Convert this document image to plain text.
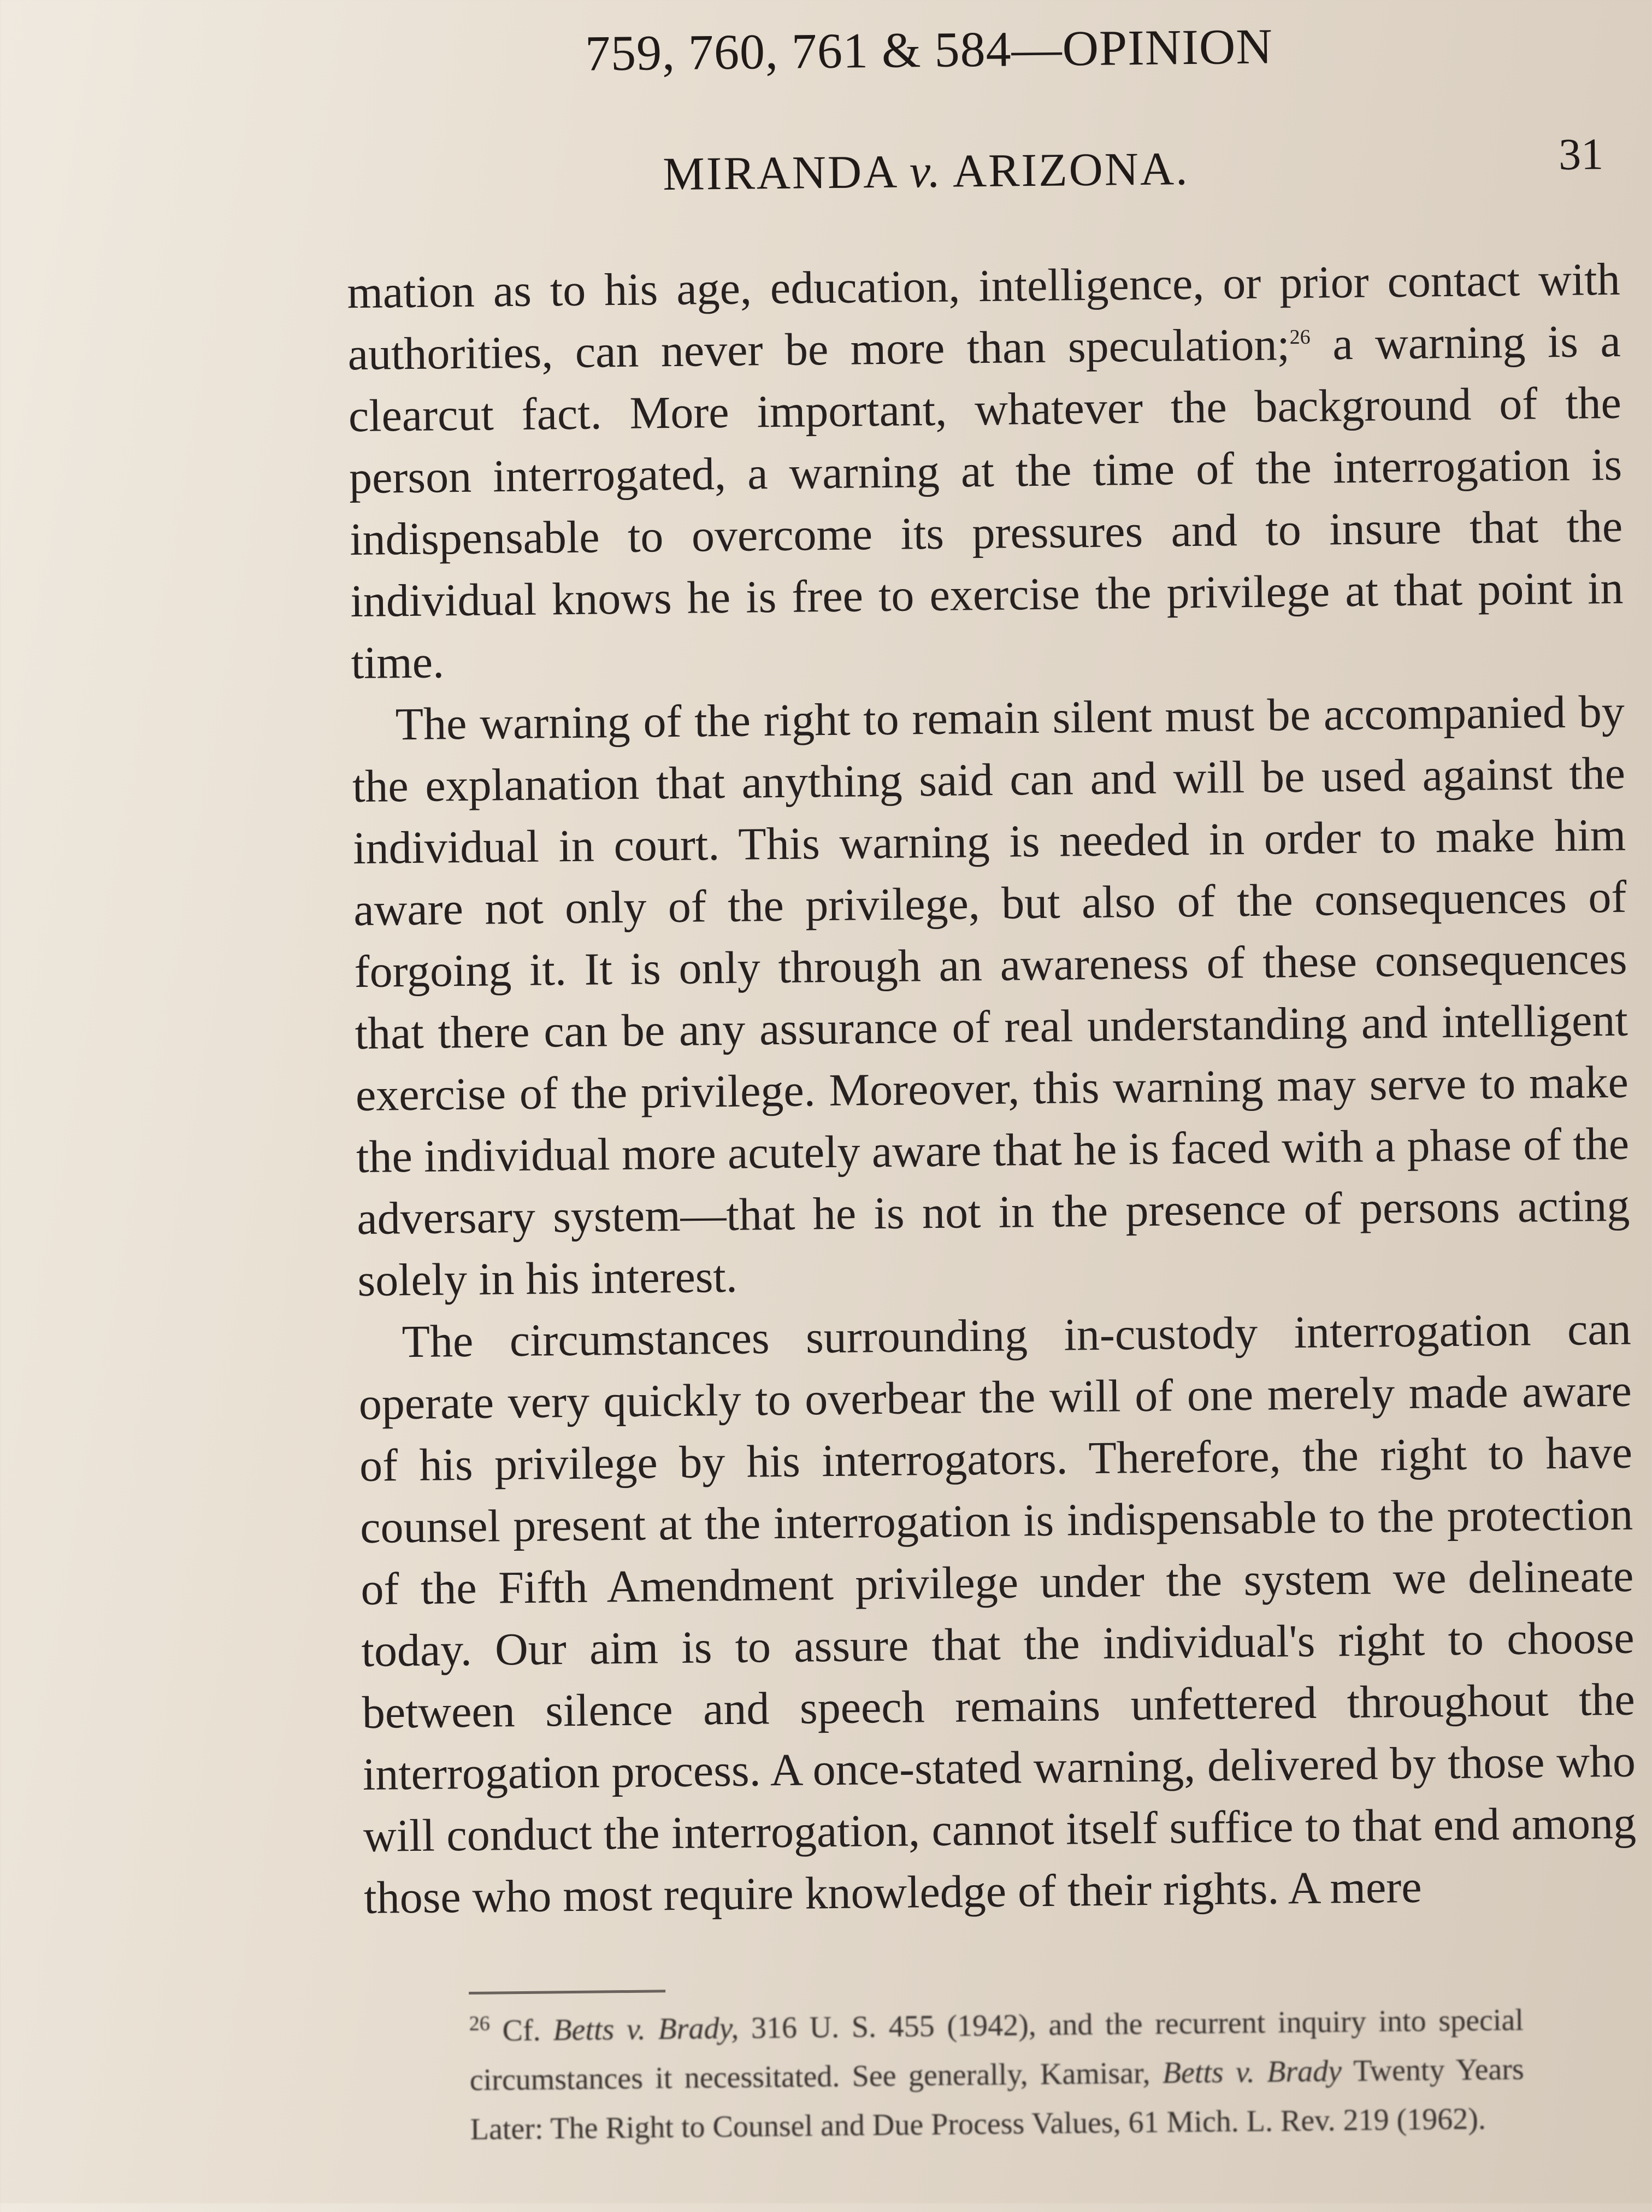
759, 760, 761 & 584—OPINION
MIRANDA v. ARIZONA.	31

mation as to his age, education, intelligence, or prior contact with authorities, can never be more than speculation;$^{26}$ a warning is a clearcut fact. More important, whatever the background of the person interrogated, a warning at the time of the interrogation is indispensable to overcome its pressures and to insure that the individual knows he is free to exercise the privilege at that point in time.

The warning of the right to remain silent must be accompanied by the explanation that anything said can and will be used against the individual in court. This warning is needed in order to make him aware not only of the privilege, but also of the consequences of forgoing it. It is only through an awareness of these consequences that there can be any assurance of real understanding and intelligent exercise of the privilege. Moreover, this warning may serve to make the individual more acutely aware that he is faced with a phase of the adversary system—that he is not in the presence of persons acting solely in his interest.

The circumstances surrounding in-custody interrogation can operate very quickly to overbear the will of one merely made aware of his privilege by his interrogators. Therefore, the right to have counsel present at the interrogation is indispensable to the protection of the Fifth Amendment privilege under the system we delineate today. Our aim is to assure that the individual's right to choose between silence and speech remains unfettered throughout the interrogation process. A once-stated warning, delivered by those who will conduct the interrogation, cannot itself suffice to that end among those who most require knowledge of their rights. A mere

$^{26}$ Cf. Betts v. Brady, 316 U. S. 455 (1942), and the recurrent inquiry into special circumstances it necessitated. See generally, Kamisar, Betts v. Brady Twenty Years Later: The Right to Counsel and Due Process Values, 61 Mich. L. Rev. 219 (1962).
